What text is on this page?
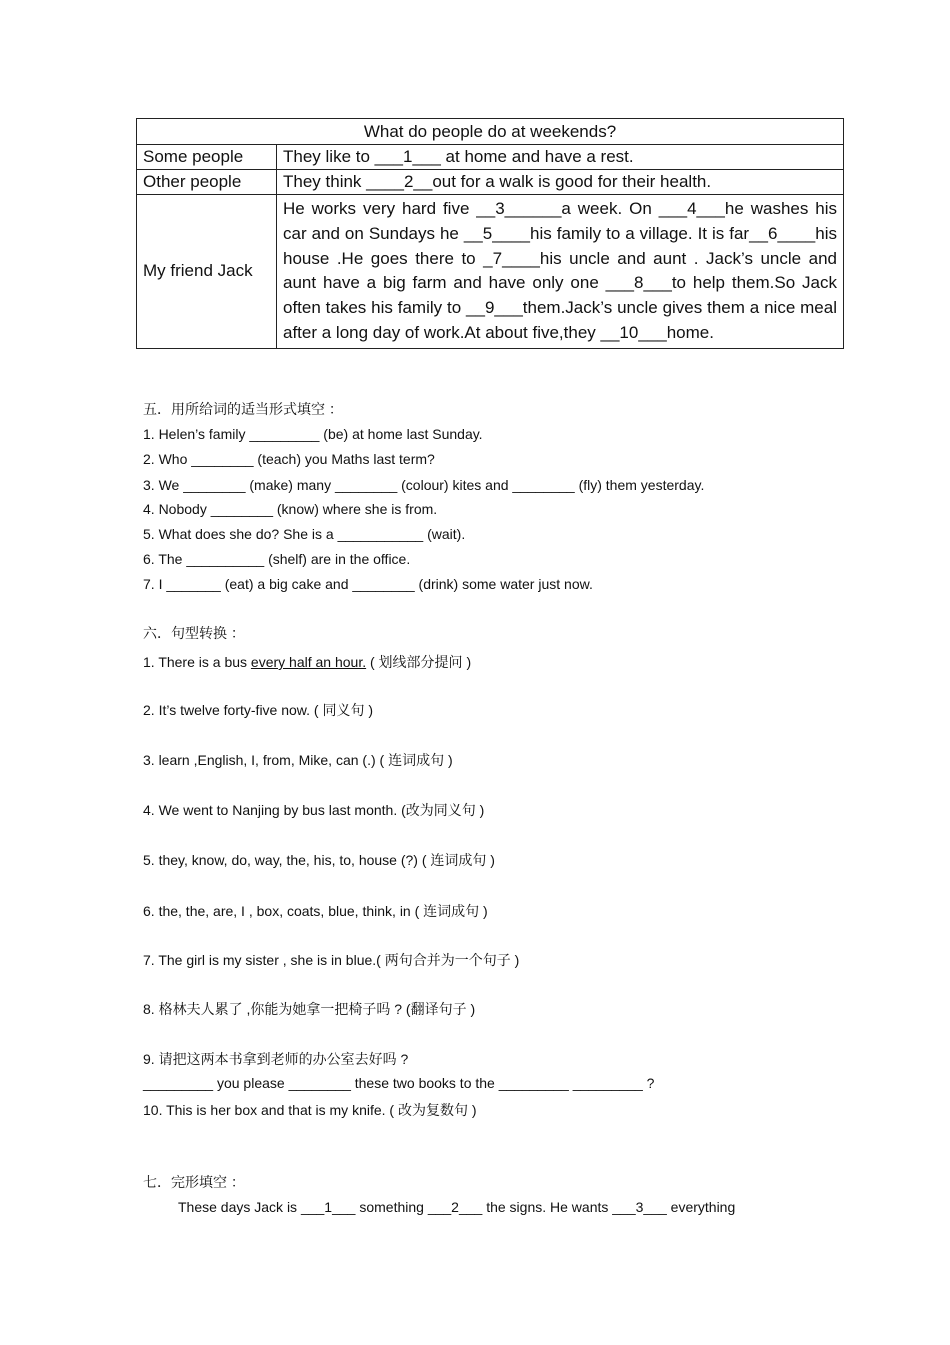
What do people do at weekends?	
Some people	They like to ___1___ at home and have a rest.
Other people	They think ____2__out for a walk is good for their health.
My friend Jack	He works very hard five __3______a week. On ___4___he washes his car and on Sundays he __5____his family to a village. It is far__6____his house .He goes there to _7____his uncle and aunt . Jack’s uncle and aunt have a big farm and have only one ___8___to help them.So Jack often takes his family to __9___them.Jack’s uncle gives them a nice meal after a long day of work.At about five,they __10___home.
五．用所给词的适当形式填空 ：
1. Helen’s family _________ (be) at home last Sunday.
2. Who ________ (teach) you Maths last term?
3. We ________ (make) many ________ (colour) kites and ________ (fly) them yesterday.
4. Nobody ________ (know) where she is from.
5. What does she do? She is a ___________ (wait).
6. The __________ (shelf) are in the office.
7. I _______ (eat) a big cake and ________ (drink) some water just now.
六．句型转换 ：
1. There is a bus every half an hour. ( 划线部分提问 )
2. It’s twelve forty-five now. ( 同义句 )
3. learn ,English, I, from, Mike, can (.) ( 连词成句 )
4. We went to Nanjing by bus last month. (改为同义句 )
5. they, know, do, way, the, his, to, house (?) ( 连词成句 )
6. the, the, are, I , box, coats, blue, think, in ( 连词成句 )
7. The girl is my sister , she is in blue.( 两句合并为一个句子 )
8. 格林夫人累了 ,你能为她拿一把椅子吗 ? (翻译句子 )
9. 请把这两本书拿到老师的办公室去好吗 ?
_________ you please ________ these two books to the _________ _________ ?
10. This is her box and that is my knife. ( 改为复数句 )
七．完形填空 ：
These days Jack is ___1___ something ___2___ the signs. He wants ___3___ everything
